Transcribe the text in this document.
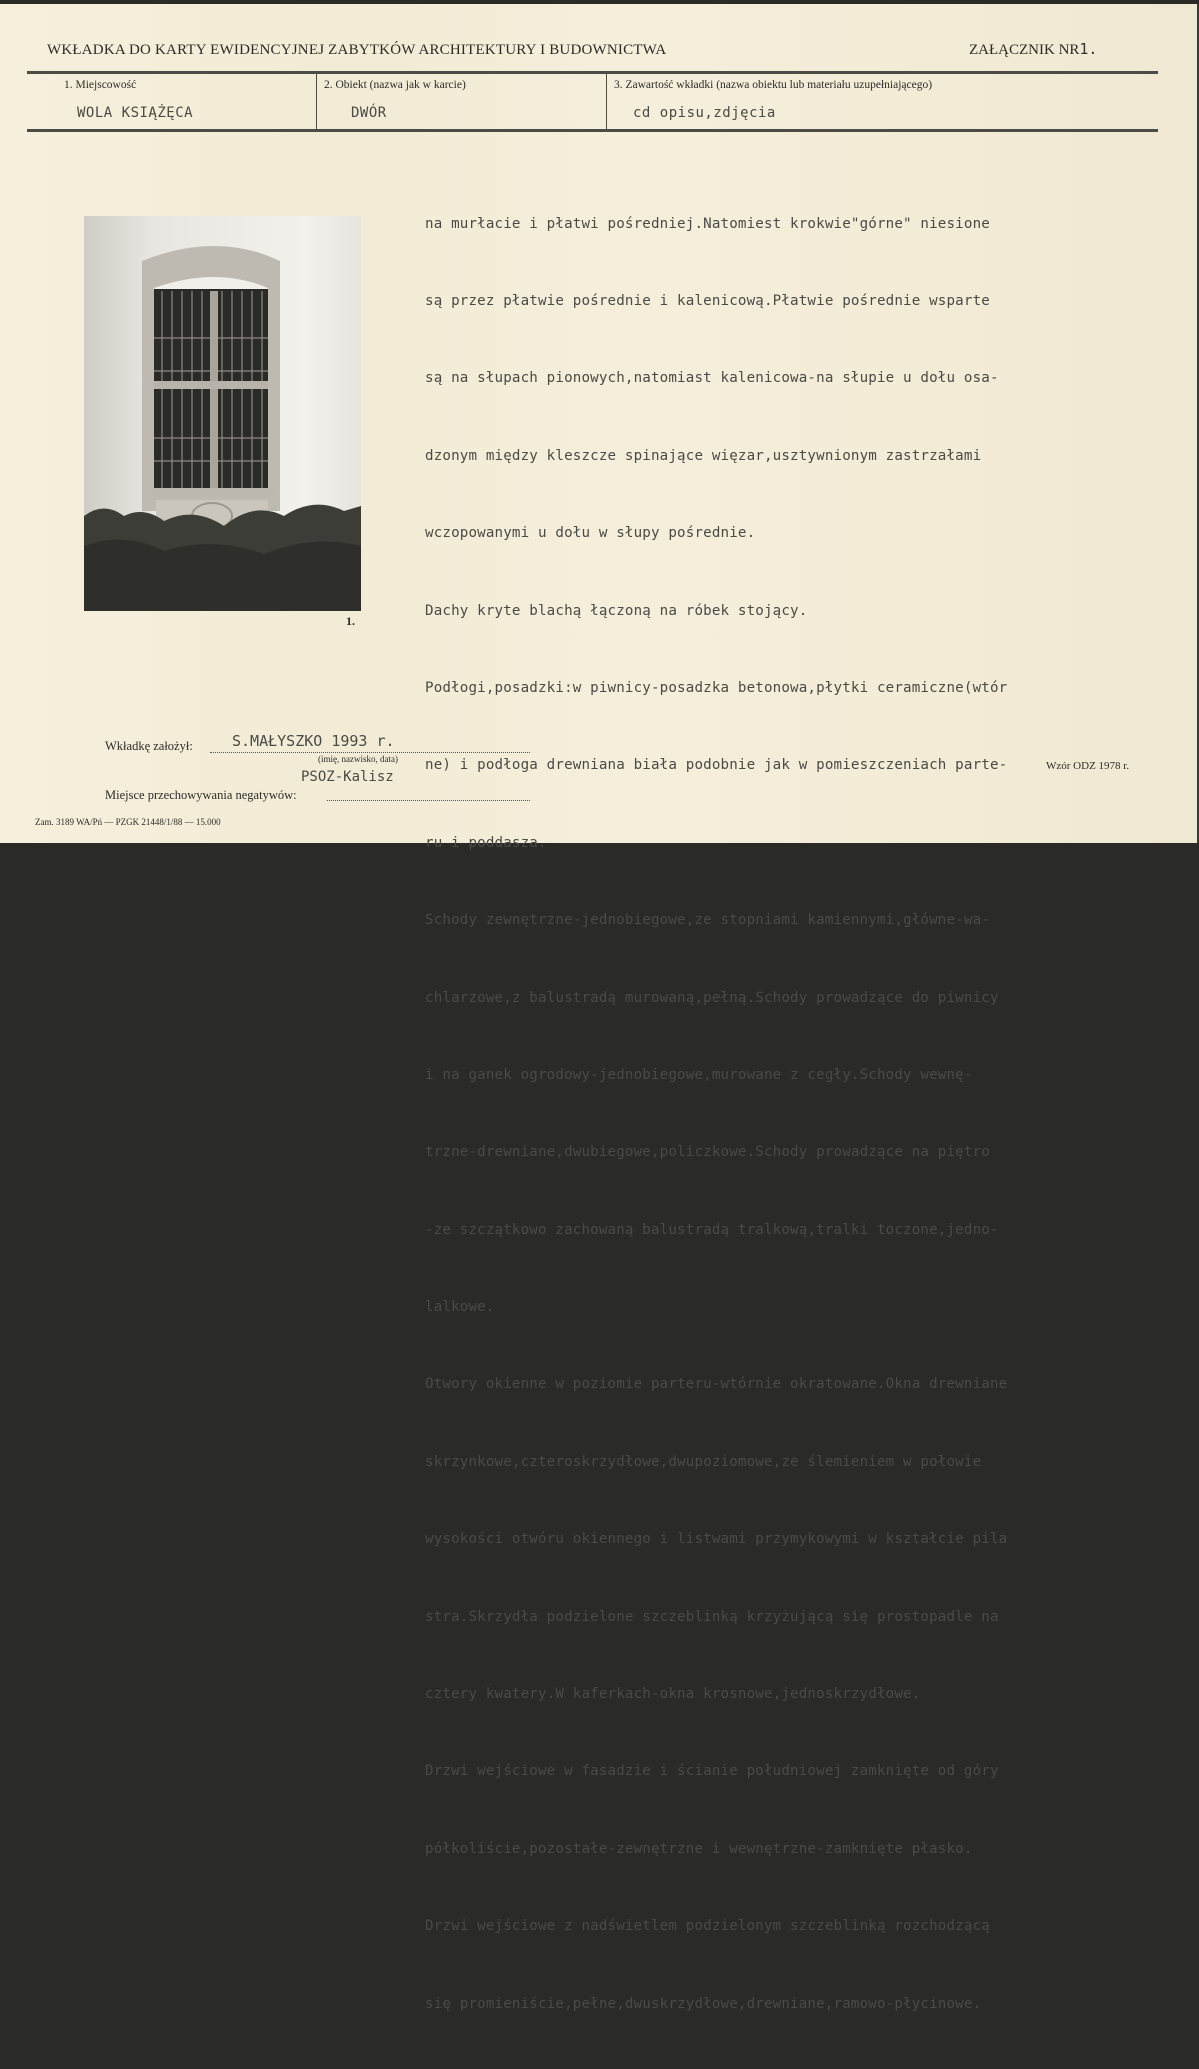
WKŁADKA DO KARTY EWIDENCYJNEJ ZABYTKÓW ARCHITEKTURY I BUDOWNICTWA	ZAŁĄCZNIK NR1.
1. Miejscowość
WOLA KSIĄŻĘCA
2. Obiekt (nazwa jak w karcie)
DWÓR
3. Zawartość wkładki (nazwa obiektu lub materiału uzupełniającego)
cd opisu,zdjęcia
1.

na murłacie i płatwi pośredniej.Natomiest krokwie"górne" niesione

są przez płatwie pośrednie i kalenicową.Płatwie pośrednie wsparte

są na słupach pionowych,natomiast kalenicowa-na słupie u dołu osa-

dzonym między kleszcze spinające więzar,usztywnionym zastrzałami

wczopowanymi u dołu w słupy pośrednie.

Dachy kryte blachą łączoną na róbek stojący.

Podłogi,posadzki:w piwnicy-posadzka betonowa,płytki ceramiczne(wtór

ne) i podłoga drewniana biała podobnie jak w pomieszczeniach parte-

ru i poddasza.

Schody zewnętrzne-jednobiegowe,ze stopniami kamiennymi,główne-wa-

chlarzowe,z balustradą murowaną,pełną.Schody prowadzące do piwnicy

i na ganek ogrodowy-jednobiegowe,murowane z cegły.Schody wewnę-

trzne-drewniane,dwubiegowe,policzkowe.Schody prowadzące na piętro

-ze szczątkowo zachowaną balustradą tralkową,tralki toczone,jedno-

lalkowe.

Otwory okienne w poziomie parteru-wtórnie okratowane.Okna drewniane

skrzynkowe,czteroskrzydłowe,dwupoziomowe,ze ślemieniem w połowie

wysokości otwóru okiennego i listwami przymykowymi w kształcie pila

stra.Skrzydła podzielone szczeblinką krzyżującą się prostopadle na

cztery kwatery.W kaferkach-okna krosnowe,jednoskrzydłowe.

Drzwi wejściowe w fasadzie i ścianie południowej zamknięte od góry

półkoliście,pozostałe-zewnętrzne i wewnętrzne-zamknięte płasko.

Drzwi wejściowe z nadświetlem podzielonym szczeblinką rozchodzącą

się promieniście,pełne,dwuskrzydłowe,drewniane,ramowo-płycinowe.

Wkładkę założył:	S.MAŁYSZKO 1993 r.
(imię, nazwisko, data)
PSOZ-Kalisz
Miejsce przechowywania negatywów:
Wzór ODZ 1978 r.
Zam. 3189 WA/Pń — PZGK 21448/1/88 — 15.000
